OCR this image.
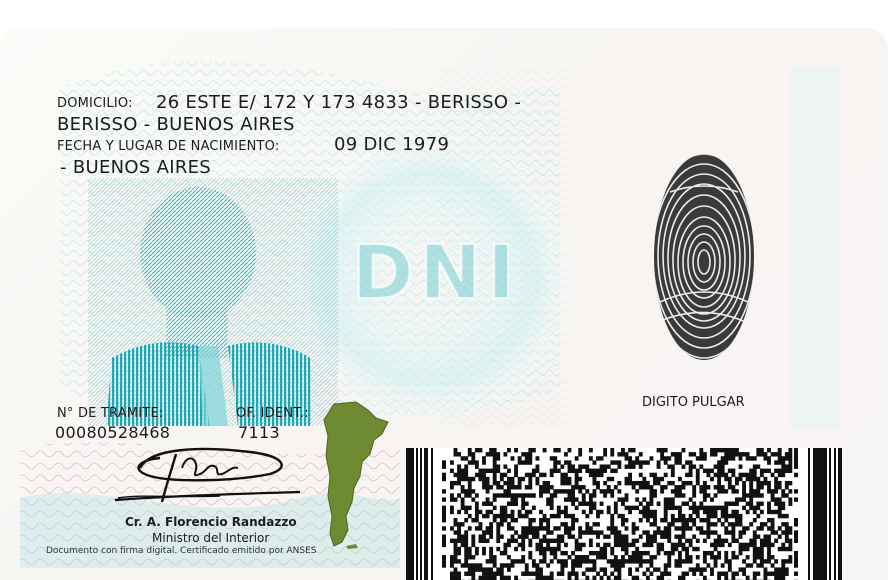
DNI
DOMICILIO: 26 ESTE E/ 172 Y 173 4833 - BERISSO -
BERISSO - BUENOS AIRES
FECHA Y LUGAR DE NACIMIENTO:	09 DIC 1979
- BUENOS AIRES
DIGITO PULGAR
N° DE TRAMITE:
00080528468
OF. IDENT.:
7113
Cr. A. Florencio Randazzo
Ministro del Interior
Documento con firma digital. Certificado emitido por ANSES
